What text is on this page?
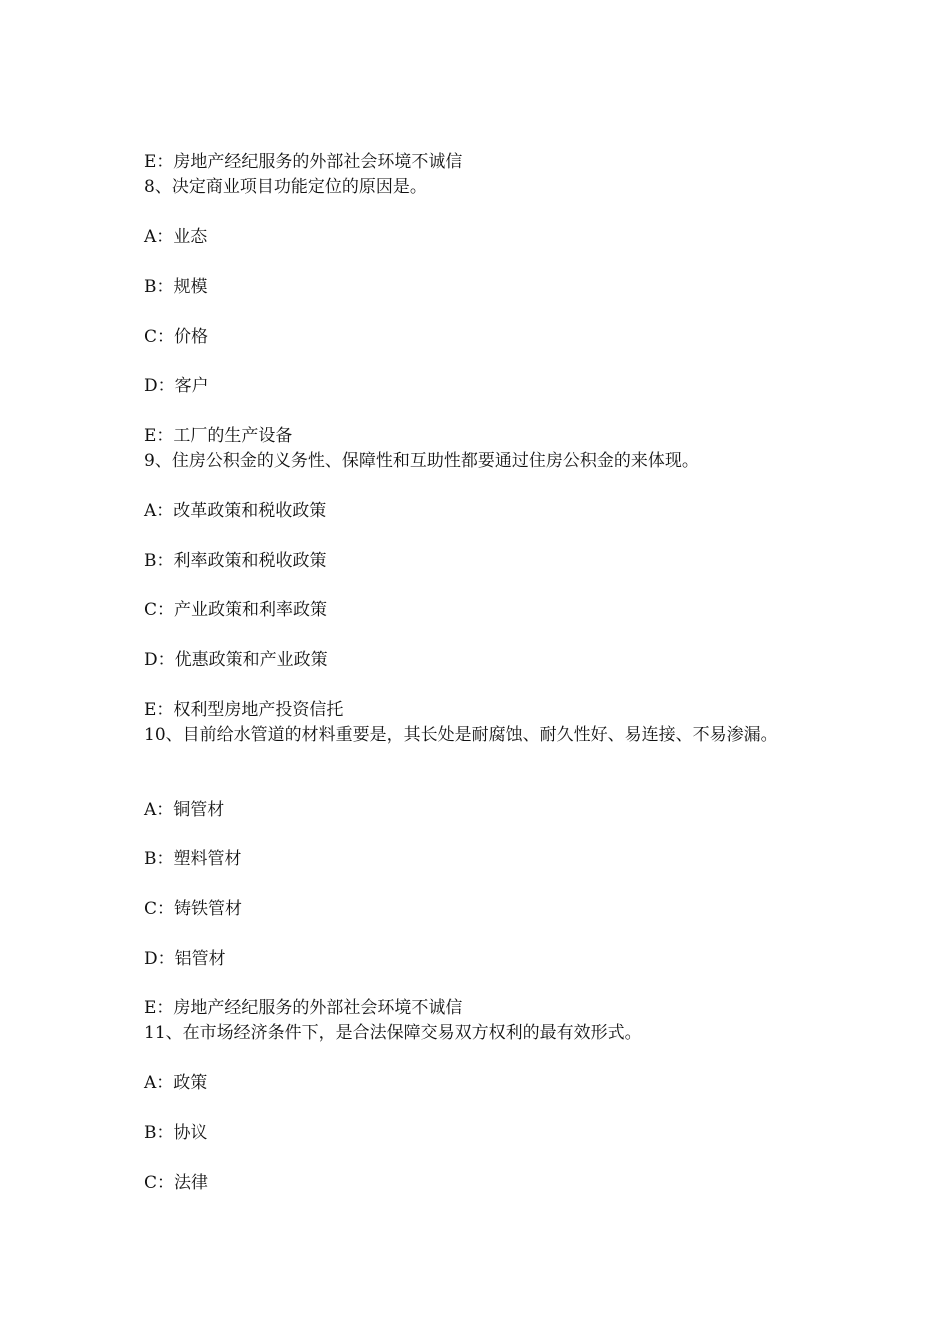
E：房地产经纪服务的外部社会环境不诚信
8、决定商业项目功能定位的原因是。
A：业态
B：规模
C：价格
D：客户
E：工厂的生产设备
9、住房公积金的义务性、保障性和互助性都要通过住房公积金的来体现。
A：改革政策和税收政策
B：利率政策和税收政策
C：产业政策和利率政策
D：优惠政策和产业政策
E：权利型房地产投资信托
10、目前给水管道的材料重要是，其长处是耐腐蚀、耐久性好、易连接、不易渗漏。
A：铜管材
B：塑料管材
C：铸铁管材
D：铝管材
E：房地产经纪服务的外部社会环境不诚信
11、在市场经济条件下，是合法保障交易双方权利的最有效形式。
A：政策
B：协议
C：法律
